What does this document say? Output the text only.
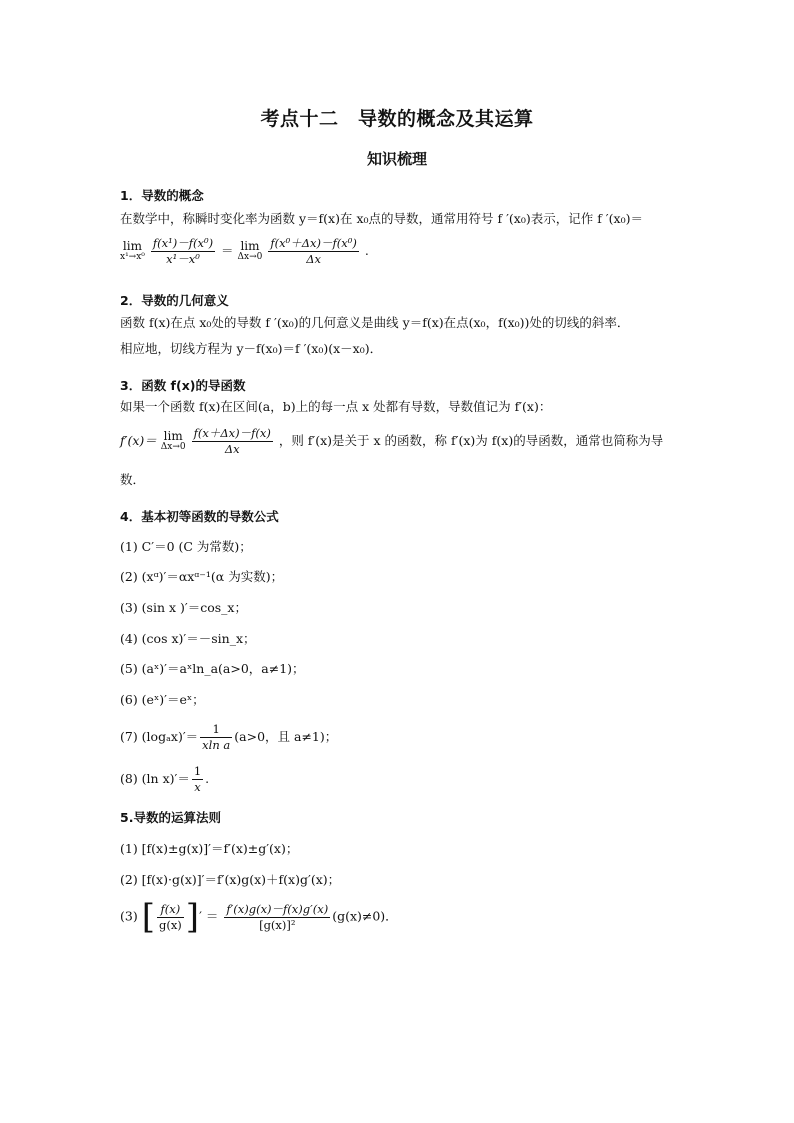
考点十二　导数的概念及其运算
知识梳理
1．导数的概念
在数学中，称瞬时变化率为函数 y＝f(x)在 x₀点的导数，通常用符号 f ′(x₀)表示，记作 f ′(x₀)＝
lim
x¹→x⁰
$\frac{\text{f(x¹)－f(x⁰)}}{\text{x¹－x⁰}} = \lim$
Δx→0
$\frac{\text{f(x⁰＋Δx)－f(x⁰)}}{\Delta x}$ .
2．导数的几何意义
函数 f(x)在点 x₀处的导数 f ′(x₀)的几何意义是曲线 y＝f(x)在点(x₀，f(x₀))处的切线的斜率．
相应地，切线方程为 y－f(x₀)＝f ′(x₀)(x－x₀)．
3．函数 f(x)的导函数
如果一个函数 f(x)在区间(a，b)上的每一点 x 处都有导数，导数值记为 f′(x)：
f′(x)＝ lim
Δx→0
$\frac{f(x+\Delta x)-f(x)}{\Delta x}$ ，则 f′(x)是关于 x 的函数，称 f′(x)为 f(x)的导函数，通常也简称为导
数．
4．基本初等函数的导数公式
(1) C′＝0 (C 为常数)；
(2) (xᵅ)′＝αxᵅ⁻¹(α 为实数)；
(3) (sin x )′＝cos_x；
(4) (cos x)′＝－sin_x；
(5) (aˣ)′＝aˣln_a(a>0，a≠1)；
(6) (eˣ)′＝eˣ；
(7) $(\log_ax)'= \frac{1}{\text{xln a}} (a>0$，且 a≠1)；
(8) (ln $x)'= \frac{1}{x}$ .
5.导数的运算法则
(1) [f(x)±g(x)]′＝f′(x)±g′(x)；
(2) [f(x)·g(x)]′＝f′(x)g(x)＋f(x)g′(x)；
(3) [ $\frac{f(x)}{g(x)}$ ]′ ＝ $\frac{f'(x)g(x)-f(x)g'(x)}{\text{[g(x)]²}} (g(x)\ne 0)$．
